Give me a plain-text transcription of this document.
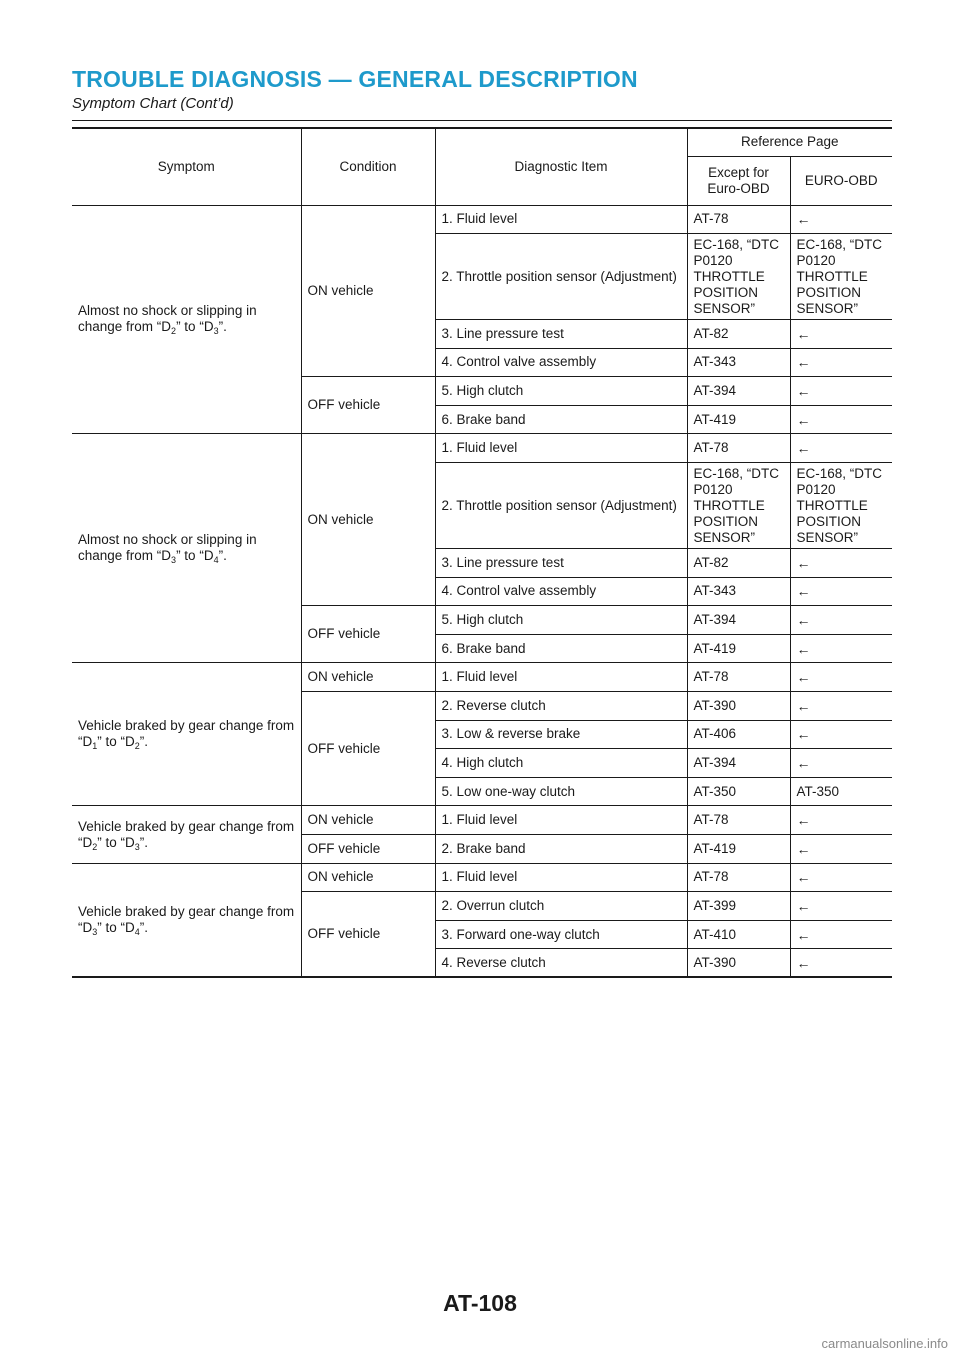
TROUBLE DIAGNOSIS — GENERAL DESCRIPTION
Symptom Chart (Cont’d)
Symptom	Condition	Diagnostic Item	Reference Page	
			Except for Euro-OBD	EURO-OBD
Almost no shock or slipping in change from “$D_2$” to “$D_3$”.	ON vehicle	1. Fluid level	AT-78	←
		2. Throttle position sensor (Adjustment)	EC-168, “DTC P0120 THROTTLE POSITION SENSOR”	EC-168, “DTC P0120 THROTTLE POSITION SENSOR”
		3. Line pressure test	AT-82	←
		4. Control valve assembly	AT-343	←
	OFF vehicle	5. High clutch	AT-394	←
		6. Brake band	AT-419	←
Almost no shock or slipping in change from “$D_3$” to “$D_4$”.	ON vehicle	1. Fluid level	AT-78	←
		2. Throttle position sensor (Adjustment)	EC-168, “DTC P0120 THROTTLE POSITION SENSOR”	EC-168, “DTC P0120 THROTTLE POSITION SENSOR”
		3. Line pressure test	AT-82	←
		4. Control valve assembly	AT-343	←
	OFF vehicle	5. High clutch	AT-394	←
		6. Brake band	AT-419	←
Vehicle braked by gear change from “$D_1$” to “$D_2$”.	ON vehicle	1. Fluid level	AT-78	←
	OFF vehicle	2. Reverse clutch	AT-390	←
		3. Low & reverse brake	AT-406	←
		4. High clutch	AT-394	←
		5. Low one-way clutch	AT-350	AT-350
Vehicle braked by gear change from “$D_2$” to “$D_3$”.	ON vehicle	1. Fluid level	AT-78	←
	OFF vehicle	2. Brake band	AT-419	←
Vehicle braked by gear change from “$D_3$” to “$D_4$”.	ON vehicle	1. Fluid level	AT-78	←
	OFF vehicle	2. Overrun clutch	AT-399	←
		3. Forward one-way clutch	AT-410	←
		4. Reverse clutch	AT-390	←
AT-108
carmanualsonline.info
